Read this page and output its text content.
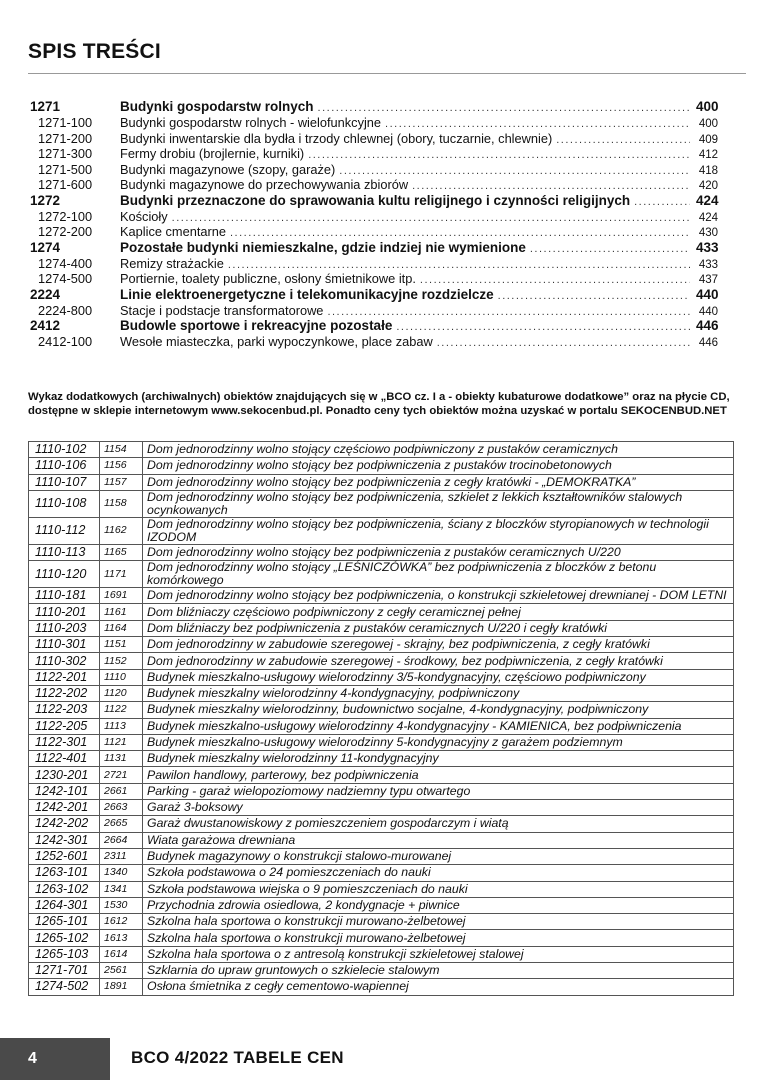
SPIS TREŚCI
1271	Budynki gospodarstw rolnych .....	400
1271-100	Budynki gospodarstw rolnych - wielofunkcyjne .....	400
1271-200	Budynki inwentarskie dla bydła i trzody chlewnej (obory, tuczarnie, chlewnie) .....	409
1271-300	Fermy drobiu (brojlernie, kurniki) .....	412
1271-500	Budynki magazynowe (szopy, garaże) .....	418
1271-600	Budynki magazynowe do przechowywania zbiorów .....	420
1272	Budynki przeznaczone do sprawowania kultu religijnego i czynności religijnych .....	424
1272-100	Kościoły .....	424
1272-200	Kaplice cmentarne .....	430
1274	Pozostałe budynki niemieszkalne, gdzie indziej nie wymienione .....	433
1274-400	Remizy strażackie .....	433
1274-500	Portiernie, toalety publiczne, osłony śmietnikowe itp. .....	437
2224	Linie elektroenergetyczne i telekomunikacyjne rozdzielcze .....	440
2224-800	Stacje i podstacje transformatorowe .....	440
2412	Budowle sportowe i rekreacyjne pozostałe .....	446
2412-100	Wesołe miasteczka, parki wypoczynkowe, place zabaw .....	446
Wykaz dodatkowych (archiwalnych) obiektów znajdujących się w „BCO cz. I a - obiekty kubaturowe dodatkowe” oraz na płycie CD, dostępne w sklepie internetowym www.sekocenbud.pl. Ponadto ceny tych obiektów można uzyskać w portalu SEKOCENBUD.NET
1110-102	1154	Dom jednorodzinny wolno stojący częściowo podpiwniczony z pustaków ceramicznych
1110-106	1156	Dom jednorodzinny wolno stojący bez podpiwniczenia z pustaków trocinobetonowych
1110-107	1157	Dom jednorodzinny wolno stojący bez podpiwniczenia z cegły kratówki - „DEMOKRATKA”
1110-108	1158	Dom jednorodzinny wolno stojący bez podpiwniczenia, szkielet z lekkich kształtowników stalowych ocynkowanych
1110-112	1162	Dom jednorodzinny wolno stojący bez podpiwniczenia, ściany z bloczków styropianowych w technologii IZODOM
1110-113	1165	Dom jednorodzinny wolno stojący bez podpiwniczenia z pustaków ceramicznych U/220
1110-120	1171	Dom jednorodzinny wolno stojący „LEŚNICZÓWKA” bez podpiwniczenia z bloczków z betonu komórkowego
1110-181	1691	Dom jednorodzinny wolno stojący bez podpiwniczenia, o konstrukcji szkieletowej drewnianej - DOM LETNI
1110-201	1161	Dom bliźniaczy częściowo podpiwniczony z cegły ceramicznej pełnej
1110-203	1164	Dom bliźniaczy bez podpiwniczenia z pustaków ceramicznych U/220 i cegły kratówki
1110-301	1151	Dom jednorodzinny w zabudowie szeregowej - skrajny, bez podpiwniczenia, z cegły kratówki
1110-302	1152	Dom jednorodzinny w zabudowie szeregowej - środkowy, bez podpiwniczenia, z cegły kratówki
1122-201	1110	Budynek mieszkalno-usługowy wielorodzinny 3/5-kondygnacyjny, częściowo podpiwniczony
1122-202	1120	Budynek mieszkalny wielorodzinny 4-kondygnacyjny, podpiwniczony
1122-203	1122	Budynek mieszkalny wielorodzinny, budownictwo socjalne, 4-kondygnacyjny, podpiwniczony
1122-205	1113	Budynek mieszkalno-usługowy wielorodzinny 4-kondygnacyjny - KAMIENICA, bez podpiwniczenia
1122-301	1121	Budynek mieszkalno-usługowy wielorodzinny 5-kondygnacyjny z garażem podziemnym
1122-401	1131	Budynek mieszkalny wielorodzinny 11-kondygnacyjny
1230-201	2721	Pawilon handlowy, parterowy, bez podpiwniczenia
1242-101	2661	Parking - garaż wielopoziomowy nadziemny typu otwartego
1242-201	2663	Garaż 3-boksowy
1242-202	2665	Garaż dwustanowiskowy z pomieszczeniem gospodarczym i wiatą
1242-301	2664	Wiata garażowa drewniana
1252-601	2311	Budynek magazynowy o konstrukcji stalowo-murowanej
1263-101	1340	Szkoła podstawowa o 24 pomieszczeniach do nauki
1263-102	1341	Szkoła podstawowa wiejska o 9 pomieszczeniach do nauki
1264-301	1530	Przychodnia zdrowia osiedlowa, 2 kondygnacje + piwnice
1265-101	1612	Szkolna hala sportowa o konstrukcji murowano-żelbetowej
1265-102	1613	Szkolna hala sportowa o konstrukcji murowano-żelbetowej
1265-103	1614	Szkolna hala sportowa o z antresolą konstrukcji szkieletowej stalowej
1271-701	2561	Szklarnia do upraw gruntowych o szkielecie stalowym
1274-502	1891	Osłona śmietnika z cegły cementowo-wapiennej
4	BCO 4/2022 TABELE CEN
